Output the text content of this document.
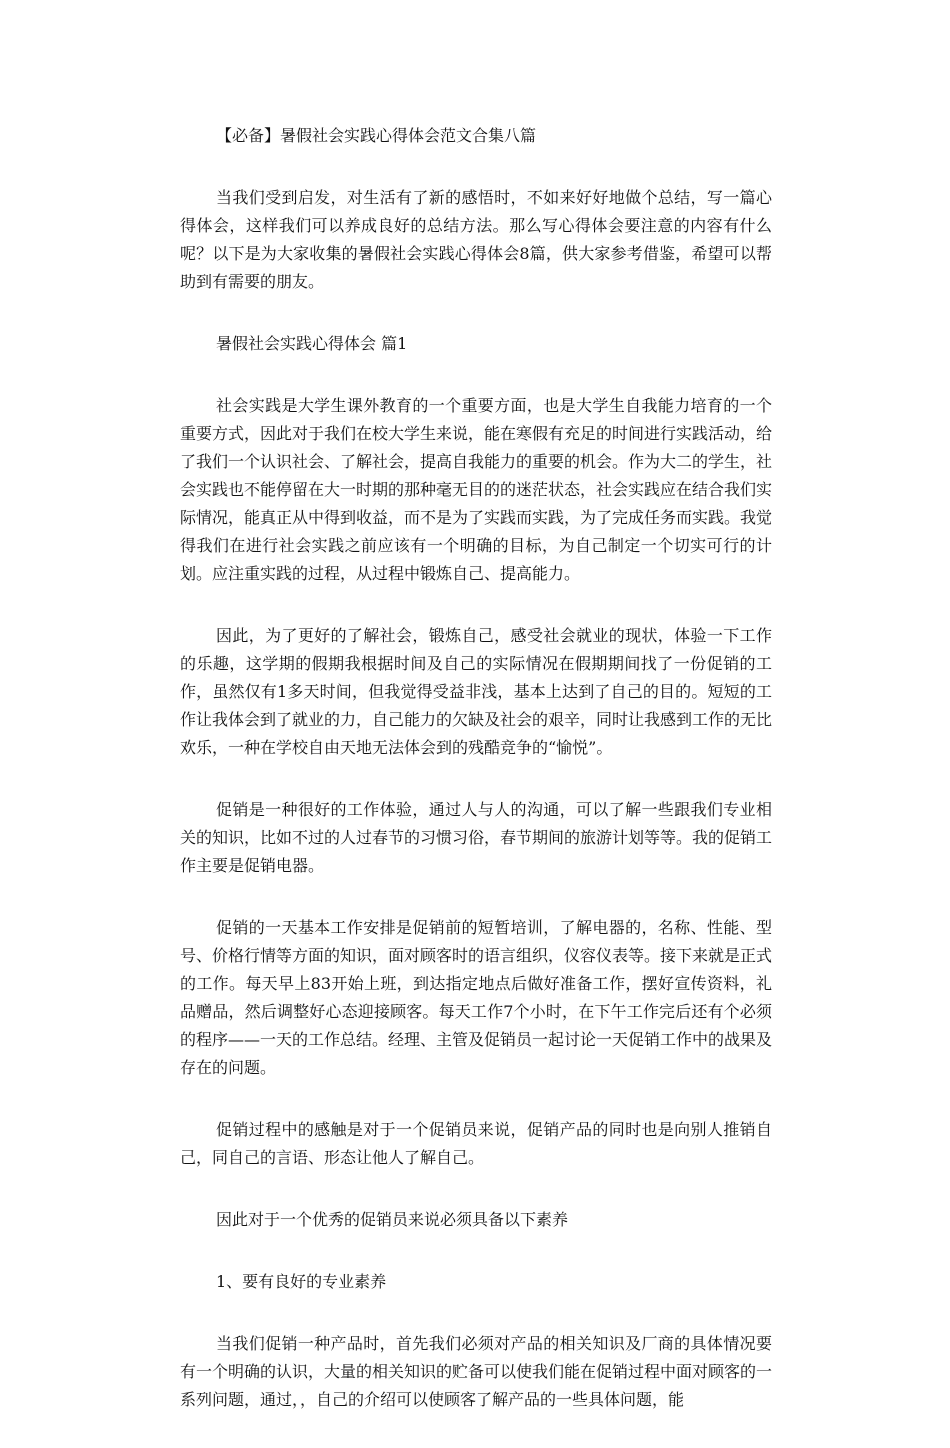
【必备】暑假社会实践心得体会范文合集八篇

当我们受到启发，对生活有了新的感悟时，不如来好好地做个总结，写一篇心得体会，这样我们可以养成良好的总结方法。那么写心得体会要注意的内容有什么呢？以下是为大家收集的暑假社会实践心得体会8篇，供大家参考借鉴，希望可以帮助到有需要的朋友。

暑假社会实践心得体会 篇1

社会实践是大学生课外教育的一个重要方面，也是大学生自我能力培育的一个重要方式，因此对于我们在校大学生来说，能在寒假有充足的时间进行实践活动，给了我们一个认识社会、了解社会，提高自我能力的重要的机会。作为大二的学生，社会实践也不能停留在大一时期的那种毫无目的的迷茫状态，社会实践应在结合我们实际情况，能真正从中得到收益，而不是为了实践而实践，为了完成任务而实践。我觉得我们在进行社会实践之前应该有一个明确的目标，为自己制定一个切实可行的计划。应注重实践的过程，从过程中锻炼自己、提高能力。

因此，为了更好的了解社会，锻炼自己，感受社会就业的现状，体验一下工作的乐趣，这学期的假期我根据时间及自己的实际情况在假期期间找了一份促销的工作，虽然仅有1多天时间，但我觉得受益非浅，基本上达到了自己的目的。短短的工作让我体会到了就业的力，自己能力的欠缺及社会的艰辛，同时让我感到工作的无比欢乐，一种在学校自由天地无法体会到的残酷竞争的“愉悦”。

促销是一种很好的工作体验，通过人与人的沟通，可以了解一些跟我们专业相关的知识，比如不过的人过春节的习惯习俗，春节期间的旅游计划等等。我的促销工作主要是促销电器。

促销的一天基本工作安排是促销前的短暂培训，了解电器的，名称、性能、型号、价格行情等方面的知识，面对顾客时的语言组织，仪容仪表等。接下来就是正式的工作。每天早上83开始上班，到达指定地点后做好准备工作，摆好宣传资料，礼品赠品，然后调整好心态迎接顾客。每天工作7个小时，在下午工作完后还有个必须的程序——一天的工作总结。经理、主管及促销员一起讨论一天促销工作中的战果及存在的问题。

促销过程中的感触是对于一个促销员来说，促销产品的同时也是向别人推销自己，同自己的言语、形态让他人了解自己。

因此对于一个优秀的促销员来说必须具备以下素养

1、要有良好的专业素养

当我们促销一种产品时，首先我们必须对产品的相关知识及厂商的具体情况要有一个明确的认识，大量的相关知识的贮备可以使我们能在促销过程中面对顾客的一系列问题，通过，，自己的介绍可以使顾客了解产品的一些具体问题，能
